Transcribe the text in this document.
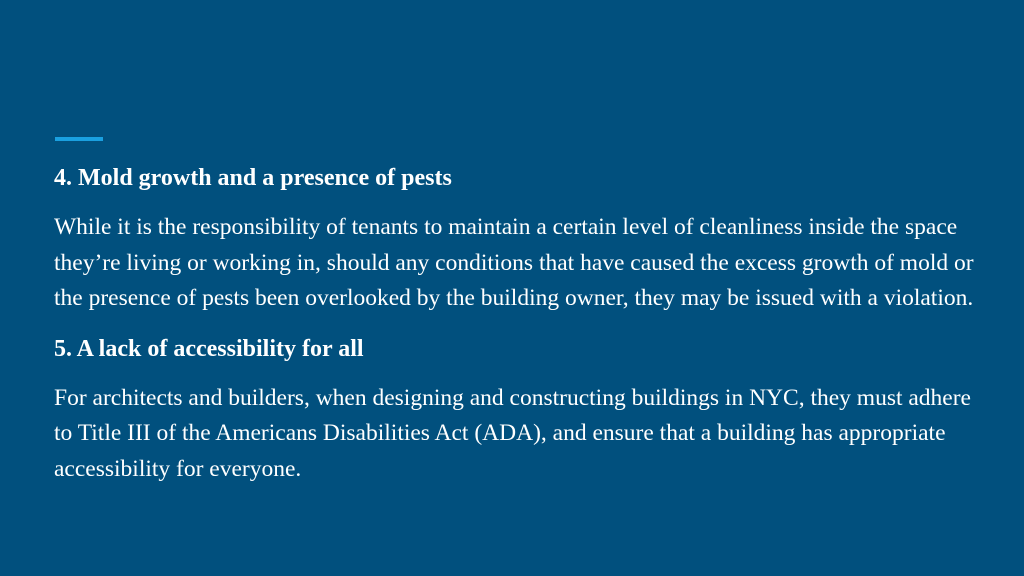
4. Mold growth and a presence of pests
While it is the responsibility of tenants to maintain a certain level of cleanliness inside the space they’re living or working in, should any conditions that have caused the excess growth of mold or the presence of pests been overlooked by the building owner, they may be issued with a violation.
5. A lack of accessibility for all
For architects and builders, when designing and constructing buildings in NYC, they must adhere to Title III of the Americans Disabilities Act (ADA), and ensure that a building has appropriate accessibility for everyone.
